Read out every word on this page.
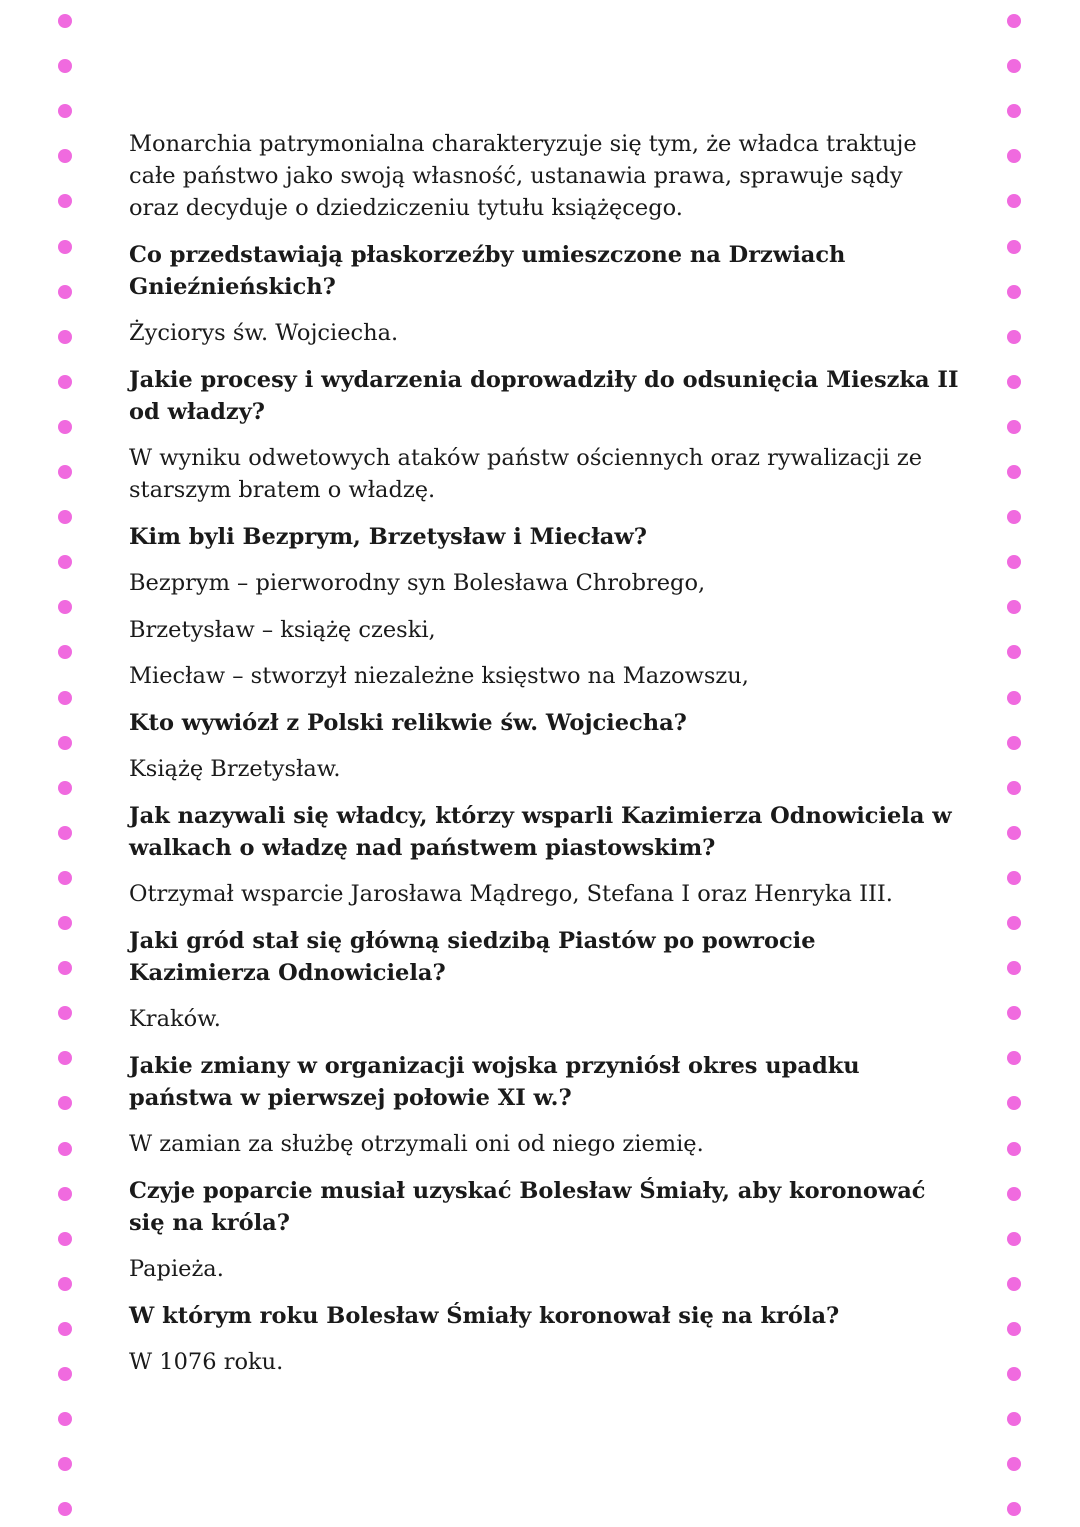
Monarchia patrymonialna charakteryzuje się tym, że władca traktuje całe państwo jako swoją własność, ustanawia prawa, sprawuje sądy oraz decyduje o dziedziczeniu tytułu książęcego.

Co przedstawiają płaskorzeźby umieszczone na Drzwiach Gnieźnieńskich?

Życiorys św. Wojciecha.

Jakie procesy i wydarzenia doprowadziły do odsunięcia Mieszka II od władzy?

W wyniku odwetowych ataków państw ościennych oraz rywalizacji ze starszym bratem o władzę.

Kim byli Bezprym, Brzetysław i Miecław?

Bezprym – pierworodny syn Bolesława Chrobrego,

Brzetysław – książę czeski,

Miecław – stworzył niezależne księstwo na Mazowszu,

Kto wywiózł z Polski relikwie św. Wojciecha?

Książę Brzetysław.

Jak nazywali się władcy, którzy wsparli Kazimierza Odnowiciela w walkach o władzę nad państwem piastowskim?

Otrzymał wsparcie Jarosława Mądrego, Stefana I oraz Henryka III.

Jaki gród stał się główną siedzibą Piastów po powrocie Kazimierza Odnowiciela?

Kraków.

Jakie zmiany w organizacji wojska przyniósł okres upadku państwa w pierwszej połowie XI w.?

W zamian za służbę otrzymali oni od niego ziemię.

Czyje poparcie musiał uzyskać Bolesław Śmiały, aby koronować się na króla?

Papieża.

W którym roku Bolesław Śmiały koronował się na króla?

W 1076 roku.
